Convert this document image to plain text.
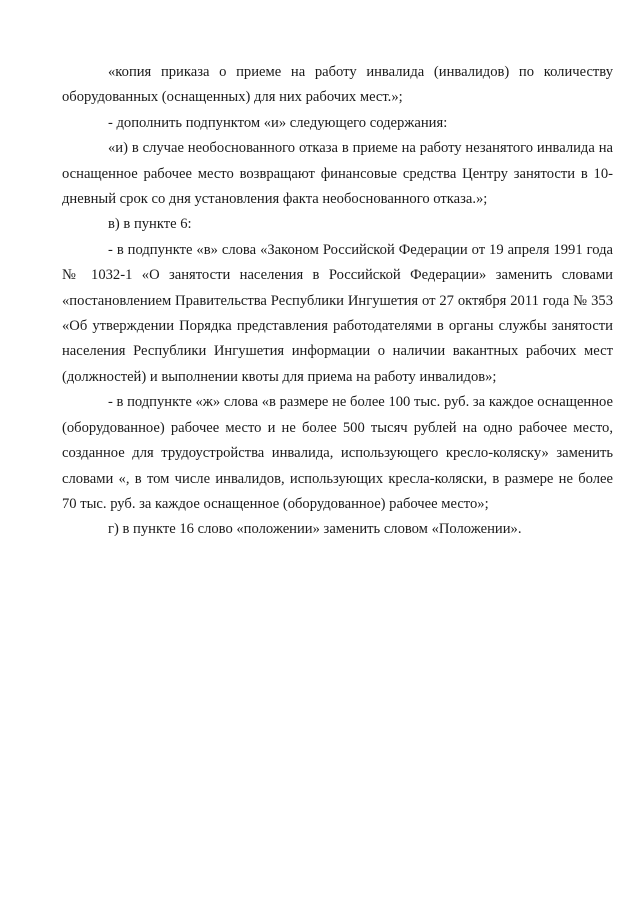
«копия приказа о приеме на работу инвалида (инвалидов) по количеству оборудованных (оснащенных) для них рабочих мест.»;

- дополнить подпунктом «и» следующего содержания:

«и) в случае необоснованного отказа в приеме на работу незанятого инвалида на оснащенное рабочее место возвращают финансовые средства Центру занятости в 10-дневный срок со дня установления факта необоснованного отказа.»;

в) в пункте 6:

- в подпункте «в» слова «Законом Российской Федерации от 19 апреля 1991 года № 1032-1 «О занятости населения в Российской Федерации» заменить словами «постановлением Правительства Республики Ингушетия от 27 октября 2011 года № 353 «Об утверждении Порядка представления работодателями в органы службы занятости населения Республики Ингушетия информации о наличии вакантных рабочих мест (должностей) и выполнении квоты для приема на работу инвалидов»;

- в подпункте «ж» слова «в размере не более 100 тыс. руб. за каждое оснащенное (оборудованное) рабочее место и не более 500 тысяч рублей на одно рабочее место, созданное для трудоустройства инвалида, использующего кресло-коляску» заменить словами «, в том числе инвалидов, использующих кресла-коляски, в размере не более 70 тыс. руб. за каждое оснащенное (оборудованное) рабочее место»;

г) в пункте 16 слово «положении» заменить словом «Положении».
